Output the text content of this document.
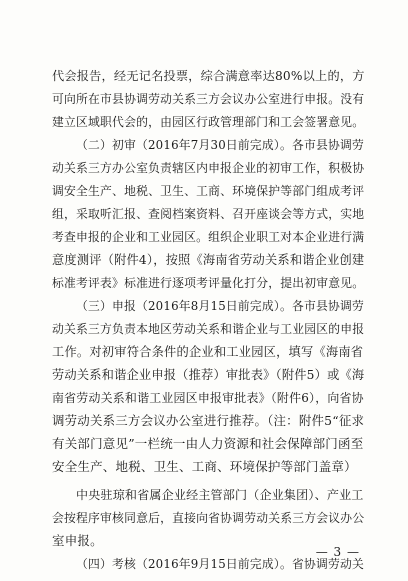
代会报告，经无记名投票，综合满意率达80%以上的，方
可向所在市县协调劳动关系三方会议办公室进行申报。没有
建立区域职代会的，由园区行政管理部门和工会签署意见。
（二）初审（2016年7月30日前完成）。各市县协调劳
动关系三方办公室负责辖区内申报企业的初审工作，积极协
调安全生产、地税、卫生、工商、环境保护等部门组成考评
组，采取听汇报、查阅档案资料、召开座谈会等方式，实地
考查申报的企业和工业园区。组织企业职工对本企业进行满
意度测评（附件4），按照《海南省劳动关系和谐企业创建
标准考评表》标准进行逐项考评量化打分，提出初审意见。
（三）申报（2016年8月15日前完成）。各市县协调劳
动关系三方负责本地区劳动关系和谐企业与工业园区的申报
工作。对初审符合条件的企业和工业园区，填写《海南省
劳动关系和谐企业申报（推荐）审批表》（附件5）或《海
南省劳动关系和谐工业园区申报审批表》（附件6），向省协
调劳动关系三方会议办公室进行推荐。（注：附件5“征求
有关部门意见”一栏统一由人力资源和社会保障部门函至
安全生产、地税、卫生、工商、环境保护等部门盖章）
中央驻琼和省属企业经主管部门（企业集团）、产业工
会按程序审核同意后，直接向省协调劳动关系三方会议办公
室申报。
（四）考核（2016年9月15日前完成）。省协调劳动关
— 3 —
